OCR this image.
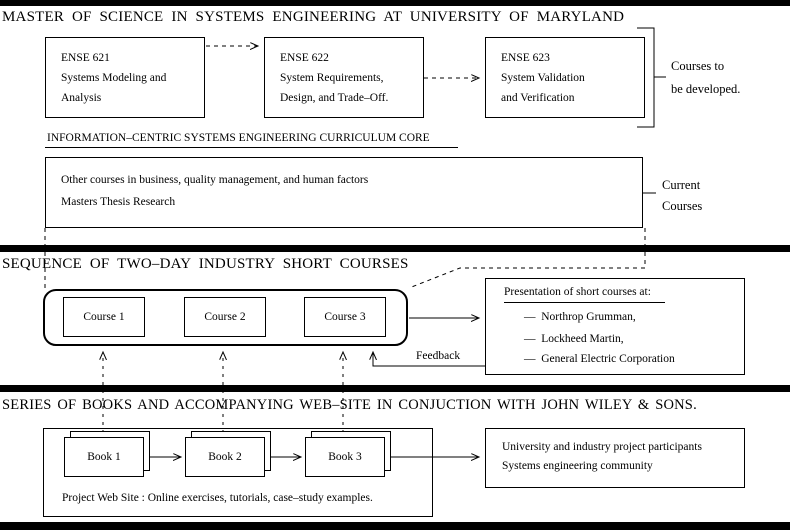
MASTER OF SCIENCE IN SYSTEMS ENGINEERING AT UNIVERSITY OF MARYLAND
ENSE 621
Systems Modeling and
Analysis
ENSE 622
System Requirements,
Design, and Trade–Off.
ENSE 623
System Validation
and Verification
Courses to
be developed.
INFORMATION–CENTRIC SYSTEMS ENGINEERING CURRICULUM CORE
Other courses in business, quality management, and human factors
Masters Thesis Research
Current
Courses
SEQUENCE OF TWO–DAY INDUSTRY SHORT COURSES
Course 1	Course 2	Course 3
Presentation of short courses at:
—  Northrop Grumman,
—  Lockheed Martin,
—  General Electric Corporation
Feedback
SERIES OF BOOKS AND ACCOMPANYING WEB–SITE IN CONJUCTION WITH JOHN WILEY & SONS.
Book 1	Book 2	Book 3
Project Web Site : Online exercises, tutorials, case–study examples.
University and industry project participants
Systems engineering community
